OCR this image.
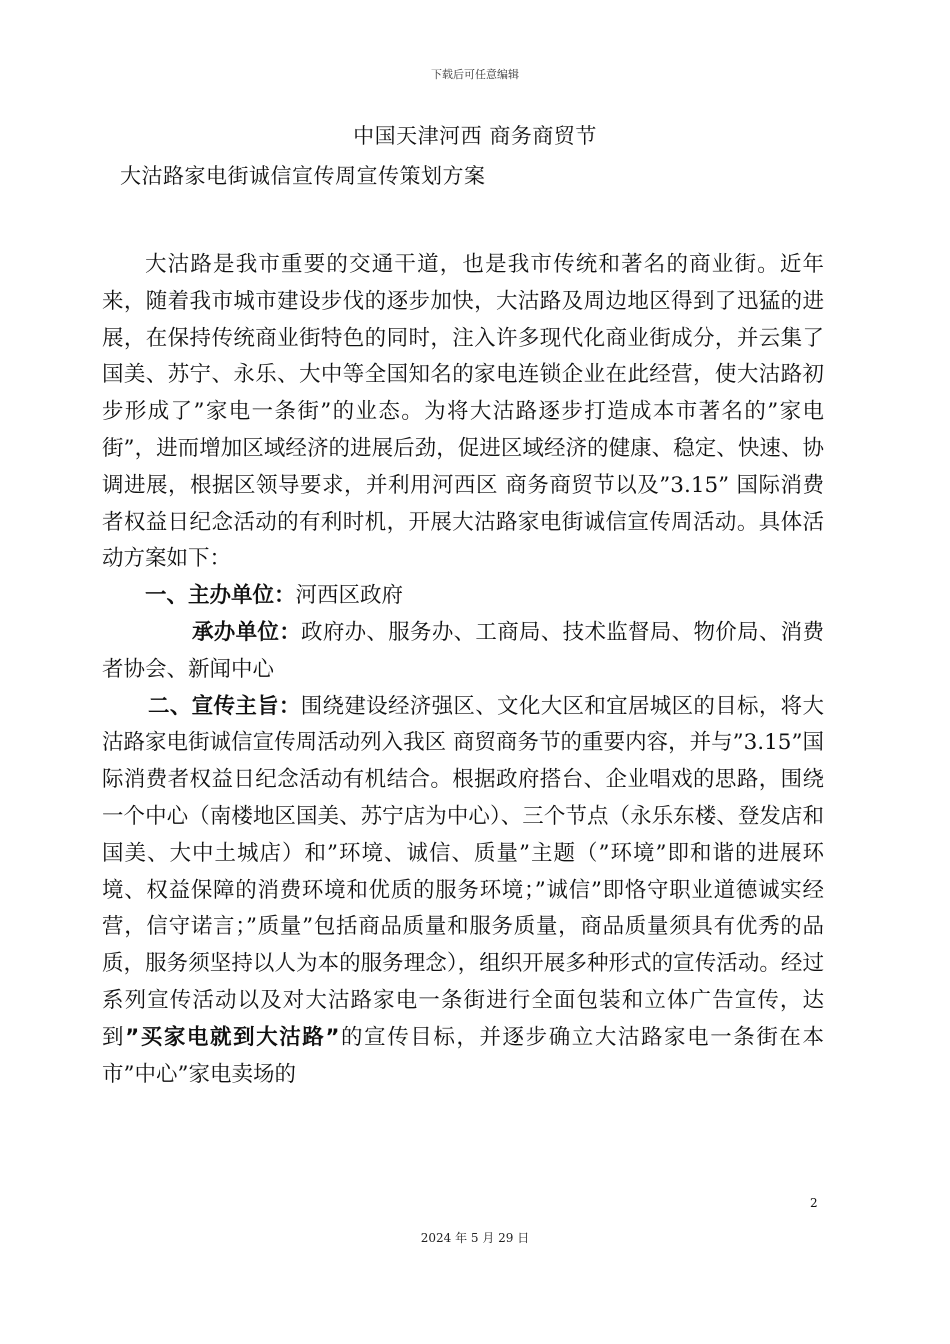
下载后可任意编辑
中国天津河西 商务商贸节
大沽路家电街诚信宣传周宣传策划方案

大沽路是我市重要的交通干道，也是我市传统和著名的商业街。近年来，随着我市城市建设步伐的逐步加快，大沽路及周边地区得到了迅猛的进展，在保持传统商业街特色的同时，注入许多现代化商业街成分，并云集了国美、苏宁、永乐、大中等全国知名的家电连锁企业在此经营，使大沽路初步形成了”家电一条街”的业态。为将大沽路逐步打造成本市著名的”家电街”，进而增加区域经济的进展后劲，促进区域经济的健康、稳定、快速、协调进展，根据区领导要求，并利用河西区 商务商贸节以及”3.15” 国际消费者权益日纪念活动的有利时机，开展大沽路家电街诚信宣传周活动。具体活动方案如下：

一、主办单位：河西区政府

承办单位：政府办、服务办、工商局、技术监督局、物价局、消费者协会、新闻中心

二、宣传主旨：围绕建设经济强区、文化大区和宜居城区的目标，将大沽路家电街诚信宣传周活动列入我区 商贸商务节的重要内容，并与”3.15”国际消费者权益日纪念活动有机结合。根据政府搭台、企业唱戏的思路，围绕一个中心（南楼地区国美、苏宁店为中心）、三个节点（永乐东楼、登发店和国美、大中土城店）和”环境、诚信、质量”主题（”环境”即和谐的进展环境、权益保障的消费环境和优质的服务环境；”诚信”即恪守职业道德诚实经营，信守诺言；”质量”包括商品质量和服务质量，商品质量须具有优秀的品质，服务须坚持以人为本的服务理念），组织开展多种形式的宣传活动。经过系列宣传活动以及对大沽路家电一条街进行全面包装和立体广告宣传，达到”买家电就到大沽路”的宣传目标，并逐步确立大沽路家电一条街在本市”中心”家电卖场的

2
2024 年 5 月 29 日
